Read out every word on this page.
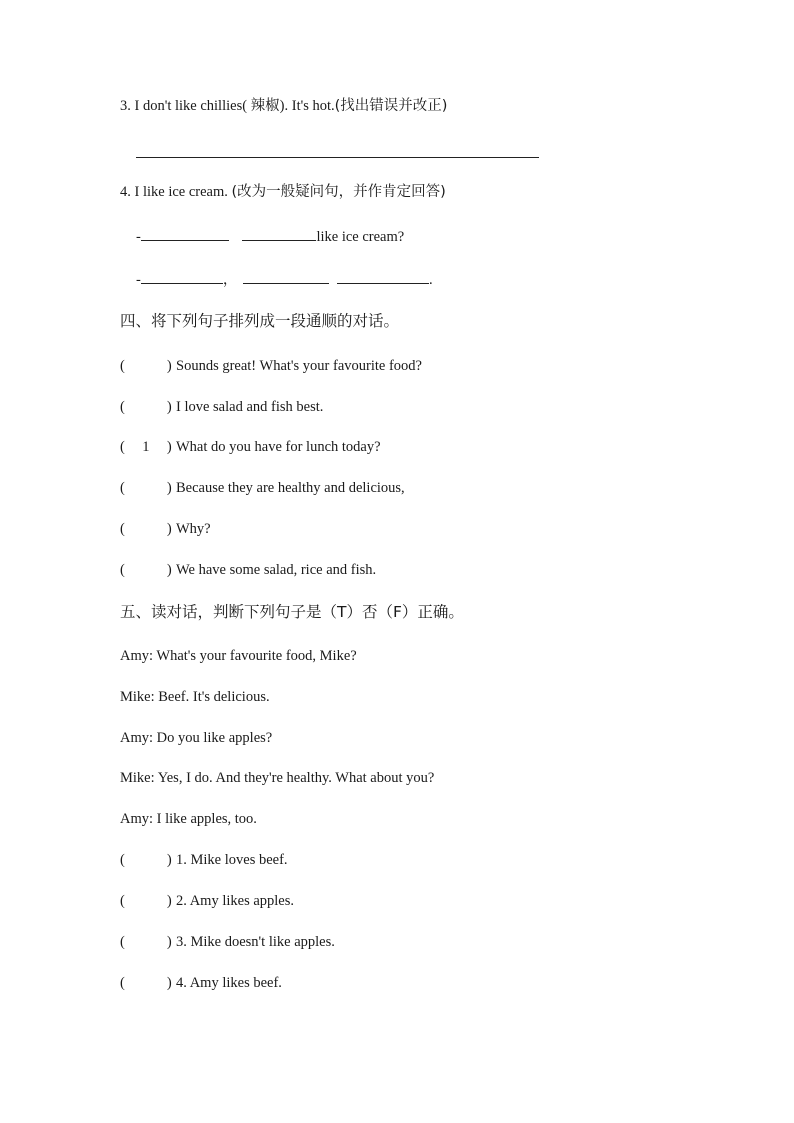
3. I don't like chillies( 辣椒). It's hot.(找出错误并改正)
4. I like ice cream. (改为一般疑问句，并作肯定回答)
-	like ice cream?
-	，	.
四、将下列句子排列成一段通顺的对话。
(	) Sounds great! What's your favourite food?
(	) I love salad and fish best.
( 1 ) What do you have for lunch today?
(	) Because they are healthy and delicious,
(	) Why?
(	) We have some salad, rice and fish.
五、读对话，判断下列句子是（T）否（F）正确。
Amy: What's your favourite food, Mike?
Mike: Beef. It's delicious.
Amy: Do you like apples?
Mike: Yes, I do. And they're healthy. What about you?
Amy: I like apples, too.
(	) 1. Mike loves beef.
(	) 2. Amy likes apples.
(	) 3. Mike doesn't like apples.
(	) 4. Amy likes beef.
